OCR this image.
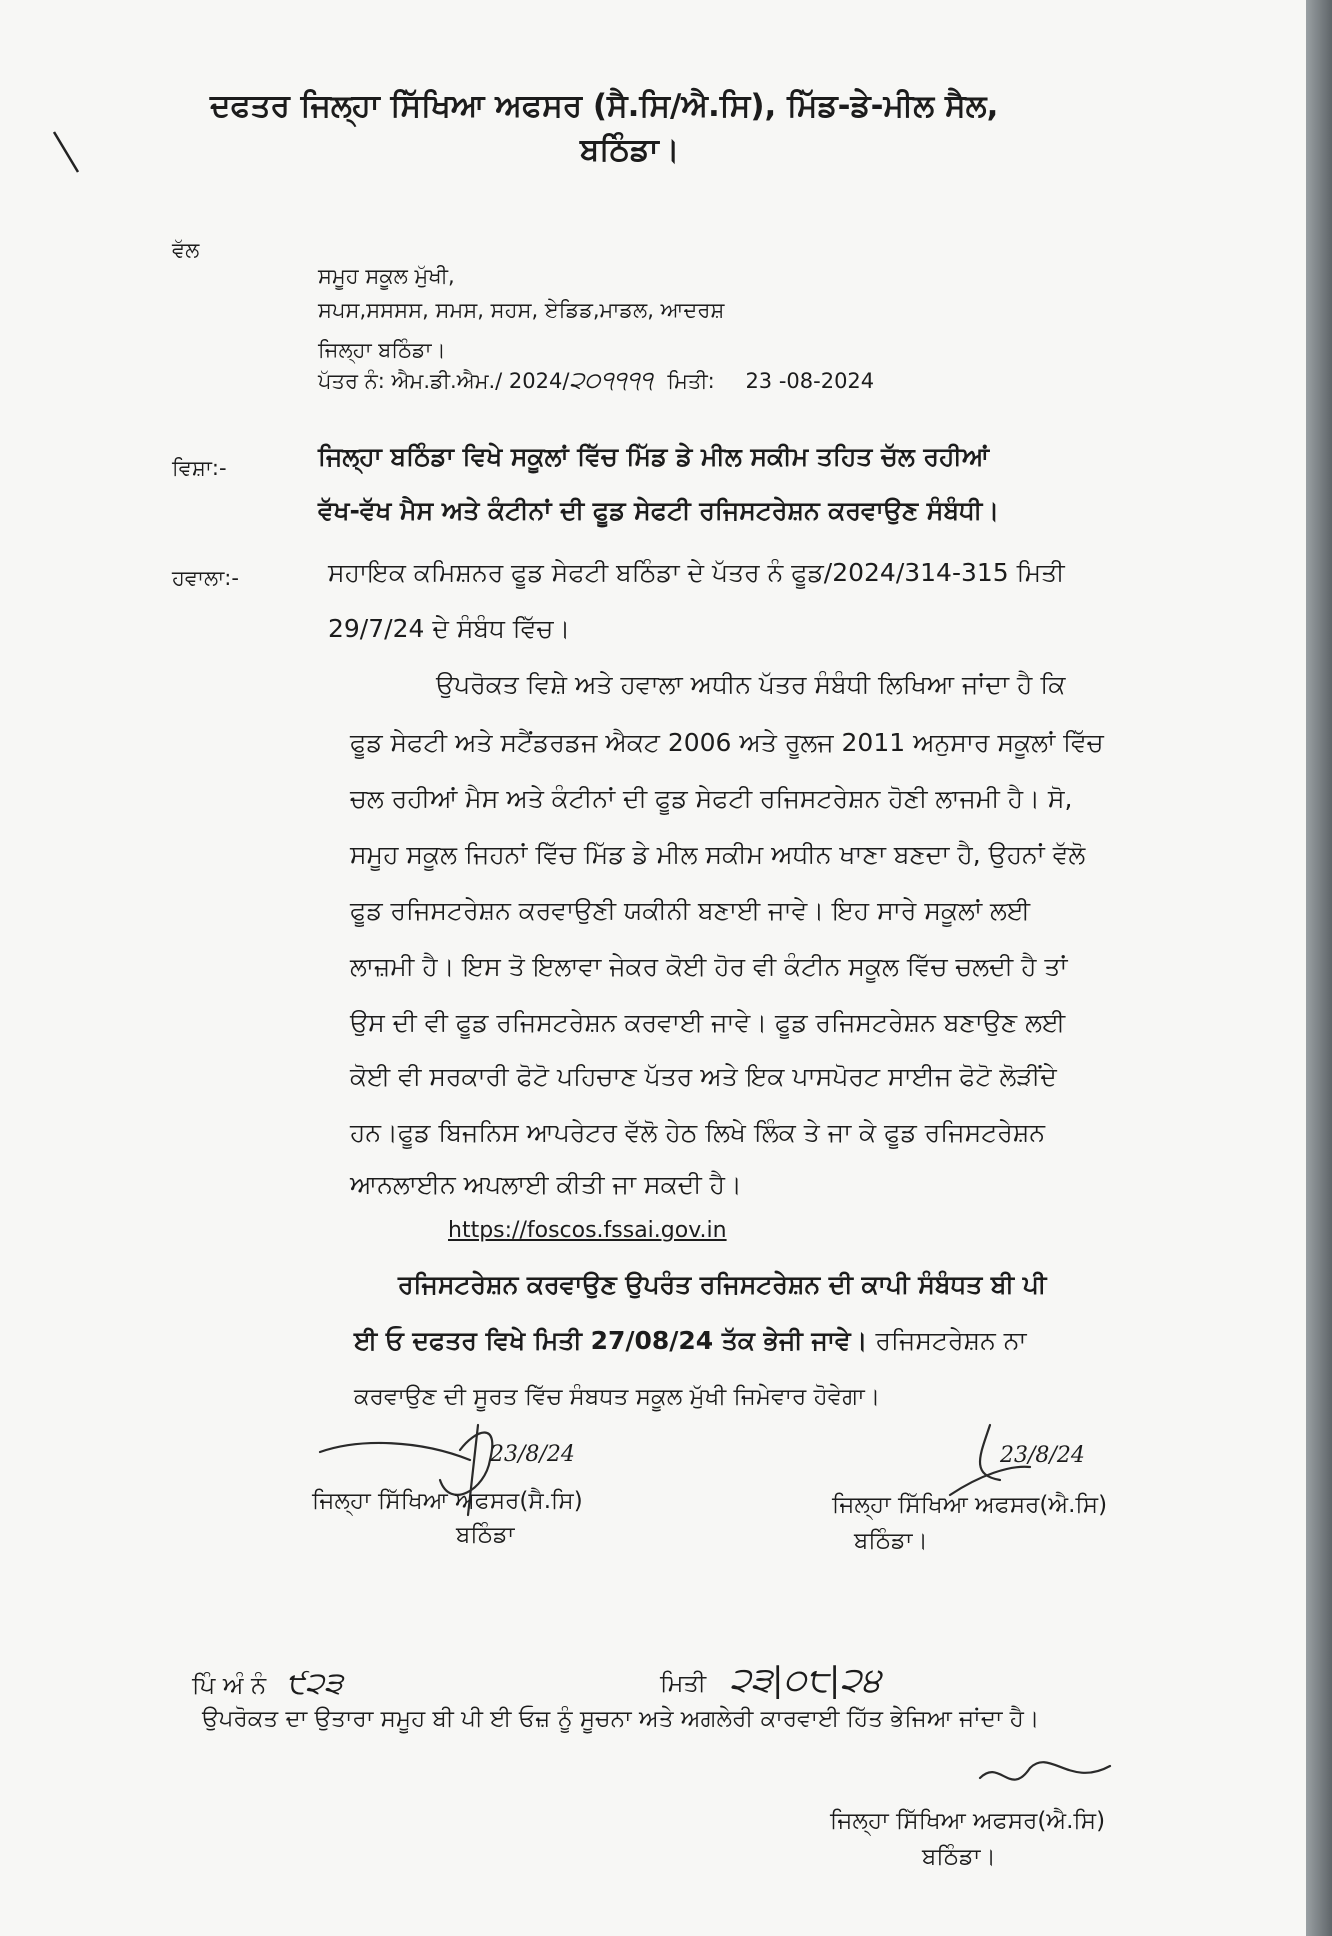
ਦਫਤਰ ਜਿਲ੍ਹਾ ਸਿੱਖਿਆ ਅਫਸਰ (ਸੈ.ਸਿ/ਐ.ਸਿ), ਮਿੱਡ-ਡੇ-ਮੀਲ ਸੈਲ,
ਬਠਿੰਡਾ।
ਵੱਲ
ਸਮੂਹ ਸਕੂਲ ਮੁੱਖੀ,
ਸਪਸ,ਸਸਸਸ, ਸਮਸ, ਸਹਸ, ਏਡਿਡ,ਮਾਡਲ, ਆਦਰਸ਼
ਜਿਲ੍ਹਾ ਬਠਿੰਡਾ।
ਪੱਤਰ ਨੰ: ਐਮ.ਡੀ.ਐਮ./ 2024/੨੦੧੧੧੧ ਮਿਤੀ: 23 -08-2024
ਵਿਸ਼ਾ:-	ਜਿਲ੍ਹਾ ਬਠਿੰਡਾ ਵਿਖੇ ਸਕੂਲਾਂ ਵਿੱਚ ਮਿੱਡ ਡੇ ਮੀਲ ਸਕੀਮ ਤਹਿਤ ਚੱਲ ਰਹੀਆਂ
ਵੱਖ-ਵੱਖ ਮੈਸ ਅਤੇ ਕੰਟੀਨਾਂ ਦੀ ਫੂਡ ਸੇਫਟੀ ਰਜਿਸਟਰੇਸ਼ਨ ਕਰਵਾਉਣ ਸੰਬੰਧੀ।
ਹਵਾਲਾ:-	ਸਹਾਇਕ ਕਮਿਸ਼ਨਰ ਫੂਡ ਸੇਫਟੀ ਬਠਿੰਡਾ ਦੇ ਪੱਤਰ ਨੰ ਫੂਡ/2024/314-315 ਮਿਤੀ
29/7/24 ਦੇ ਸੰਬੰਧ ਵਿੱਚ।
ਉਪਰੋਕਤ ਵਿਸ਼ੇ ਅਤੇ ਹਵਾਲਾ ਅਧੀਨ ਪੱਤਰ ਸੰਬੰਧੀ ਲਿਖਿਆ ਜਾਂਦਾ ਹੈ ਕਿ
ਫੂਡ ਸੇਫਟੀ ਅਤੇ ਸਟੈਂਡਰਡਜ ਐਕਟ 2006 ਅਤੇ ਰੂਲਜ 2011 ਅਨੁਸਾਰ ਸਕੂਲਾਂ ਵਿੱਚ
ਚਲ ਰਹੀਆਂ ਮੈਸ ਅਤੇ ਕੰਟੀਨਾਂ ਦੀ ਫੂਡ ਸੇਫਟੀ ਰਜਿਸਟਰੇਸ਼ਨ ਹੋਣੀ ਲਾਜਮੀ ਹੈ। ਸੋ,
ਸਮੂਹ ਸਕੂਲ ਜਿਹਨਾਂ ਵਿੱਚ ਮਿੱਡ ਡੇ ਮੀਲ ਸਕੀਮ ਅਧੀਨ ਖਾਣਾ ਬਣਦਾ ਹੈ, ਉਹਨਾਂ ਵੱਲੋ
ਫੂਡ ਰਜਿਸਟਰੇਸ਼ਨ ਕਰਵਾਉਣੀ ਯਕੀਨੀ ਬਣਾਈ ਜਾਵੇ। ਇਹ ਸਾਰੇ ਸਕੂਲਾਂ ਲਈ
ਲਾਜ਼ਮੀ ਹੈ। ਇਸ ਤੋ ਇਲਾਵਾ ਜੇਕਰ ਕੋਈ ਹੋਰ ਵੀ ਕੰਟੀਨ ਸਕੂਲ ਵਿੱਚ ਚਲਦੀ ਹੈ ਤਾਂ
ਉਸ ਦੀ ਵੀ ਫੂਡ ਰਜਿਸਟਰੇਸ਼ਨ ਕਰਵਾਈ ਜਾਵੇ। ਫੂਡ ਰਜਿਸਟਰੇਸ਼ਨ ਬਣਾਉਣ ਲਈ
ਕੋਈ ਵੀ ਸਰਕਾਰੀ ਫੋਟੋ ਪਹਿਚਾਣ ਪੱਤਰ ਅਤੇ ਇਕ ਪਾਸਪੋਰਟ ਸਾਈਜ ਫੋਟੋ ਲੋੜੀਂਦੇ
ਹਨ।ਫੂਡ ਬਿਜਨਿਸ ਆਪਰੇਟਰ ਵੱਲੋ ਹੇਠ ਲਿਖੇ ਲਿੰਕ ਤੇ ਜਾ ਕੇ ਫੂਡ ਰਜਿਸਟਰੇਸ਼ਨ
ਆਨਲਾਈਨ ਅਪਲਾਈ ਕੀਤੀ ਜਾ ਸਕਦੀ ਹੈ।
https://foscos.fssai.gov.in
ਰਜਿਸਟਰੇਸ਼ਨ ਕਰਵਾਉਣ ਉਪਰੰਤ ਰਜਿਸਟਰੇਸ਼ਨ ਦੀ ਕਾਪੀ ਸੰਬੰਧਤ ਬੀ ਪੀ
ਈ ਓ ਦਫਤਰ ਵਿਖੇ ਮਿਤੀ 27/08/24 ਤੱਕ ਭੇਜੀ ਜਾਵੇ। ਰਜਿਸਟਰੇਸ਼ਨ ਨਾ
ਕਰਵਾਉਣ ਦੀ ਸੂਰਤ ਵਿੱਚ ਸੰਬਧਤ ਸਕੂਲ ਮੁੱਖੀ ਜਿਮੇਵਾਰ ਹੋਵੇਗਾ।
23/8/24
ਜਿਲ੍ਹਾ ਸਿੱਖਿਆ ਅਫਸਰ(ਸੈ.ਸਿ)
ਬਠਿੰਡਾ
23/8/24
ਜਿਲ੍ਹਾ ਸਿੱਖਿਆ ਅਫਸਰ(ਐ.ਸਿ)
ਬਠਿੰਡਾ।
ਪਿੰ ਅੰ ਨੰ ੯੨੩	ਮਿਤੀ ੨੩|੦੮|੨੪
ਉਪਰੋਕਤ ਦਾ ਉਤਾਰਾ ਸਮੂਹ ਬੀ ਪੀ ਈ ਓਜ਼ ਨੂੰ ਸੂਚਨਾ ਅਤੇ ਅਗਲੇਰੀ ਕਾਰਵਾਈ ਹਿੱਤ ਭੇਜਿਆ ਜਾਂਦਾ ਹੈ।
ਜਿਲ੍ਹਾ ਸਿੱਖਿਆ ਅਫਸਰ(ਐ.ਸਿ)
ਬਠਿੰਡਾ।
